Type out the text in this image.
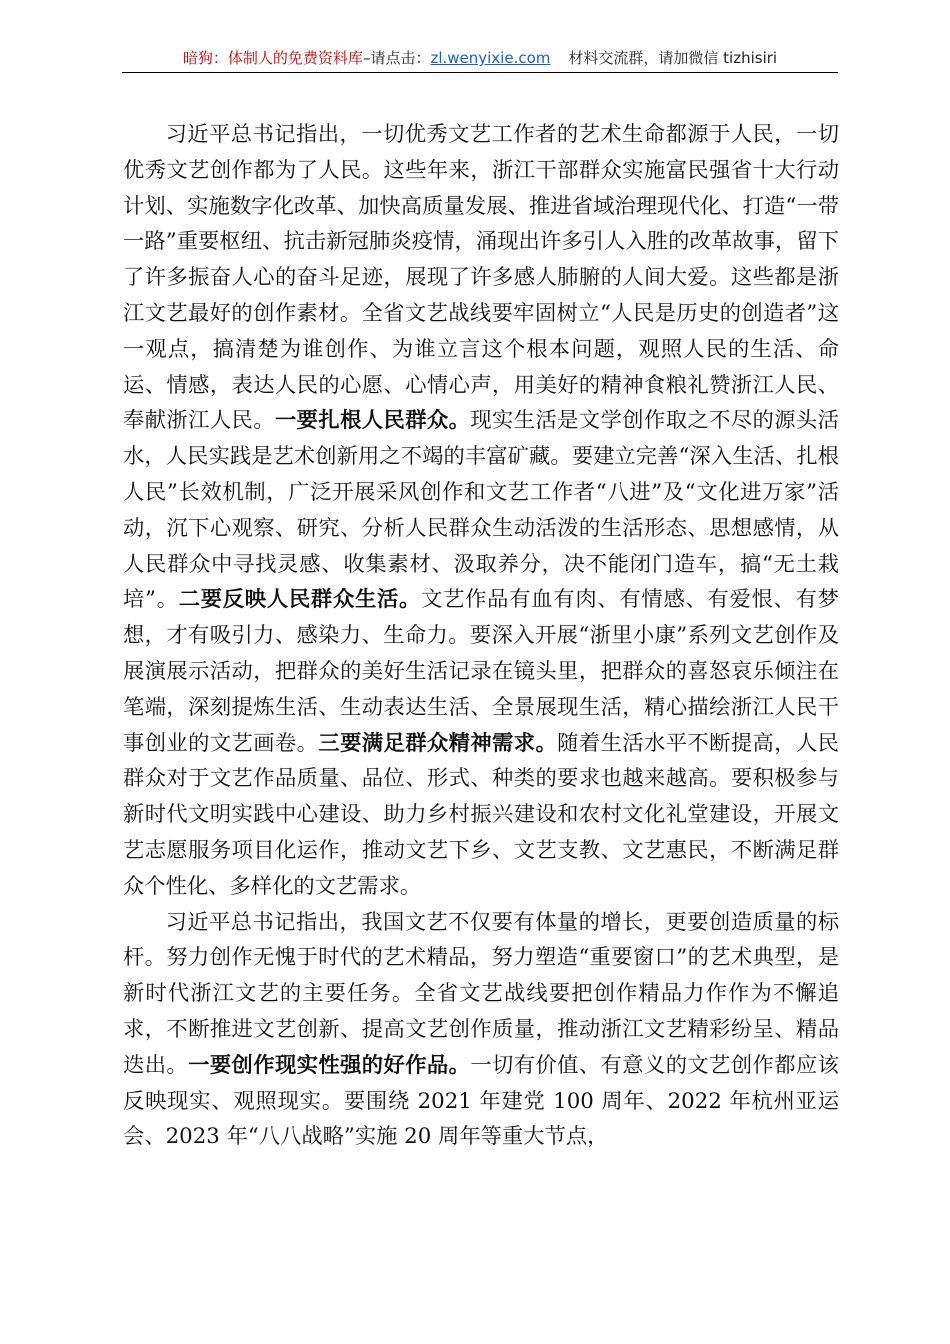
暗狗：体制人的免费资料库–请点击：zl.wenyixie.com 材料交流群，请加微信 tizhisiri

习近平总书记指出，一切优秀文艺工作者的艺术生命都源于人民，一切优秀文艺创作都为了人民。这些年来，浙江干部群众实施富民强省十大行动计划、实施数字化改革、加快高质量发展、推进省域治理现代化、打造“一带一路”重要枢纽、抗击新冠肺炎疫情，涌现出许多引人入胜的改革故事，留下了许多振奋人心的奋斗足迹，展现了许多感人肺腑的人间大爱。这些都是浙江文艺最好的创作素材。全省文艺战线要牢固树立“人民是历史的创造者”这一观点，搞清楚为谁创作、为谁立言这个根本问题，观照人民的生活、命运、情感，表达人民的心愿、心情心声，用美好的精神食粮礼赞浙江人民、奉献浙江人民。一要扎根人民群众。现实生活是文学创作取之不尽的源头活水，人民实践是艺术创新用之不竭的丰富矿藏。要建立完善“深入生活、扎根人民”长效机制，广泛开展采风创作和文艺工作者“八进”及“文化进万家”活动，沉下心观察、研究、分析人民群众生动活泼的生活形态、思想感情，从人民群众中寻找灵感、收集素材、汲取养分，决不能闭门造车，搞“无土栽培”。二要反映人民群众生活。文艺作品有血有肉、有情感、有爱恨、有梦想，才有吸引力、感染力、生命力。要深入开展“浙里小康”系列文艺创作及展演展示活动，把群众的美好生活记录在镜头里，把群众的喜怒哀乐倾注在笔端，深刻提炼生活、生动表达生活、全景展现生活，精心描绘浙江人民干事创业的文艺画卷。三要满足群众精神需求。随着生活水平不断提高，人民群众对于文艺作品质量、品位、形式、种类的要求也越来越高。要积极参与新时代文明实践中心建设、助力乡村振兴建设和农村文化礼堂建设，开展文艺志愿服务项目化运作，推动文艺下乡、文艺支教、文艺惠民，不断满足群众个性化、多样化的文艺需求。

习近平总书记指出，我国文艺不仅要有体量的增长，更要创造质量的标杆。努力创作无愧于时代的艺术精品，努力塑造“重要窗口”的艺术典型，是新时代浙江文艺的主要任务。全省文艺战线要把创作精品力作作为不懈追求，不断推进文艺创新、提高文艺创作质量，推动浙江文艺精彩纷呈、精品迭出。一要创作现实性强的好作品。一切有价值、有意义的文艺创作都应该反映现实、观照现实。要围绕 2021 年建党 100 周年、2022 年杭州亚运会、2023 年“八八战略”实施 20 周年等重大节点，
